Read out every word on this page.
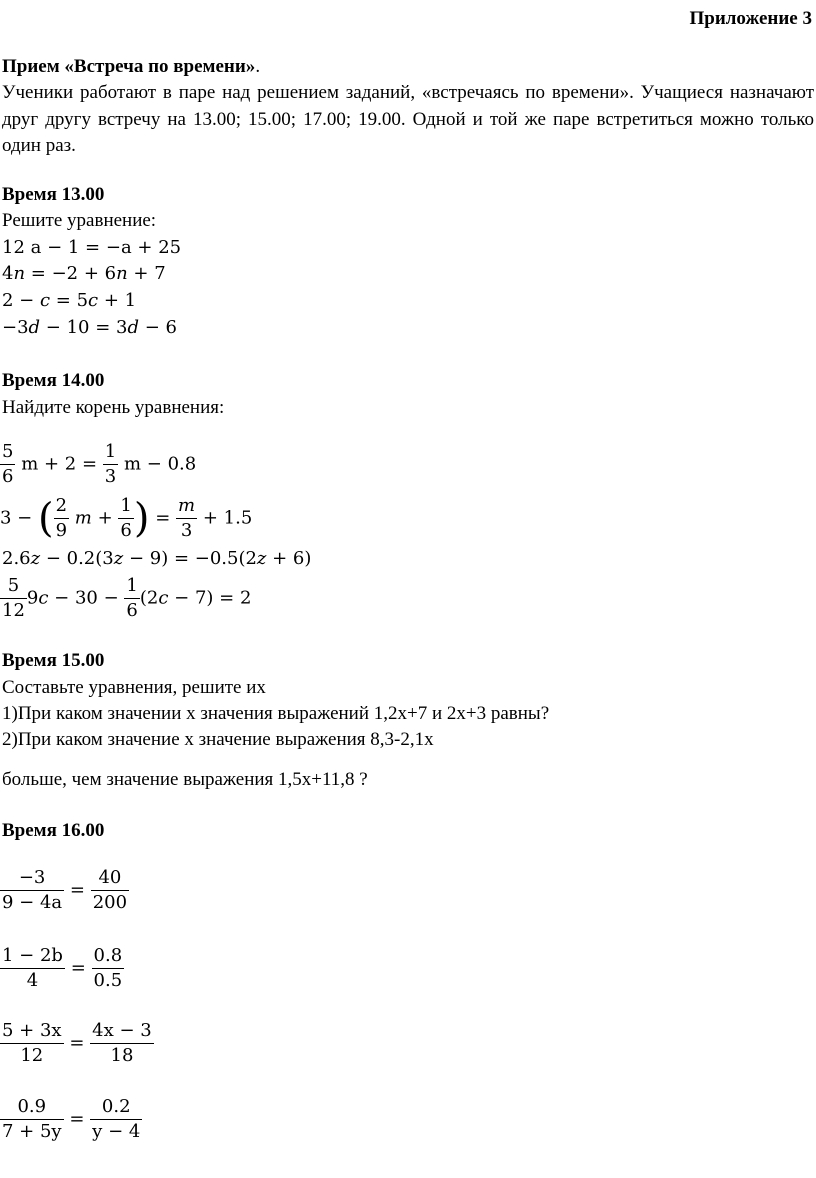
Приложение 3
Прием «Встреча по времени».
Ученики работают в паре над решением заданий, «встречаясь по времени». Учащиеся назначают друг другу встречу на 13.00; 15.00; 17.00; 19.00. Одной и той же паре встретиться можно только один раз.
Время 13.00
Решите уравнение:
12 a − 1 = −a + 25
4𝑛 = −2 + 6𝑛 + 7
2 − 𝑐 = 5𝑐 + 1
−3𝑑 − 10 = 3𝑑 − 6
Время 14.00
Найдите корень уравнения:
$\frac{5}{6}$ $m + 2 = \frac{1}{3}$ m − 0.8
3 − ( $\frac{2}{9}$ 𝑚 + $\frac{1}{6}$ ) = $\frac{\text{𝑚}}{3} + 1.5$
2.6𝑧 − 0.2(3𝑧 − 9) = −0.5(2𝑧 + 6)
$\frac{5}{12}$ 9𝑐 − $30 - \frac{1}{6}$ (2𝑐 − 7) = 2
Время 15.00
Составьте уравнения, решите их
1)При каком значении х значения выражений 1,2х+7 и 2х+3 равны?
2)При каком значение х значение выражения 8,3-2,1х
больше, чем значение выражения 1,5х+11,8 ?
Время 16.00
$\frac{-3}{9 - 4a} = \frac{40}{200}$
$\frac{1 - 2b}{4} = \frac{0.8}{0.5}$
$\frac{5 + 3x}{12} = \frac{4x - 3}{18}$
$\frac{0.9}{7 + 5y} = \frac{0.2}{y - 4}$
